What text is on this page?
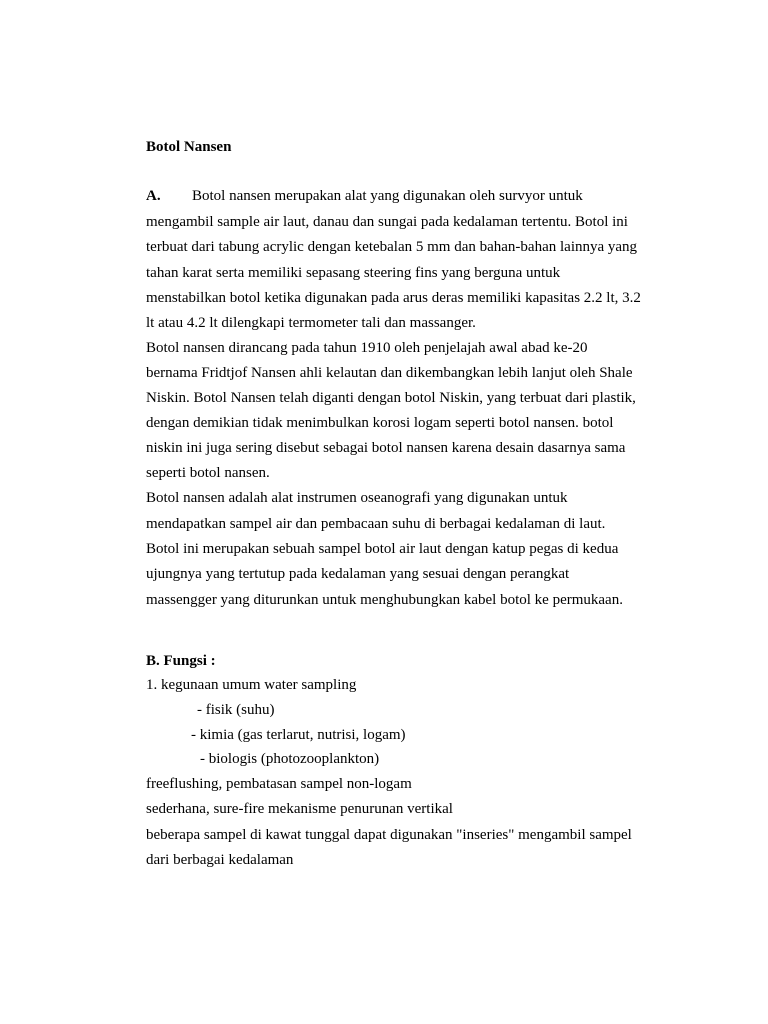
Botol Nansen

A. Botol nansen merupakan alat yang digunakan oleh survyor untuk

mengambil sample air laut, danau dan sungai pada kedalaman tertentu. Botol ini

terbuat dari tabung acrylic dengan ketebalan 5 mm dan bahan-bahan lainnya yang

tahan karat serta memiliki sepasang steering fins yang berguna untuk

menstabilkan botol ketika digunakan pada arus deras memiliki kapasitas 2.2 lt, 3.2

lt atau 4.2 lt dilengkapi termometer tali dan massanger.

Botol nansen dirancang pada tahun 1910 oleh penjelajah awal abad ke-20

bernama Fridtjof Nansen ahli kelautan dan dikembangkan lebih lanjut oleh Shale

Niskin. Botol Nansen telah diganti dengan botol Niskin, yang terbuat dari plastik,

dengan demikian tidak menimbulkan korosi logam seperti botol nansen. botol

niskin ini juga sering disebut sebagai botol nansen karena desain dasarnya sama

seperti botol nansen.

Botol nansen adalah alat instrumen oseanografi yang digunakan untuk

mendapatkan sampel air dan pembacaan suhu di berbagai kedalaman di laut.

Botol ini merupakan sebuah sampel botol air laut dengan katup pegas di kedua

ujungnya yang tertutup pada kedalaman yang sesuai dengan perangkat

massengger yang diturunkan untuk menghubungkan kabel botol ke permukaan.

B. Fungsi :

1. kegunaan umum water sampling

- fisik (suhu)

- kimia (gas terlarut, nutrisi, logam)

- biologis (photozooplankton)

freeflushing, pembatasan sampel non-logam

sederhana, sure-fire mekanisme penurunan vertikal

beberapa sampel di kawat tunggal dapat digunakan "inseries" mengambil sampel

dari berbagai kedalaman
